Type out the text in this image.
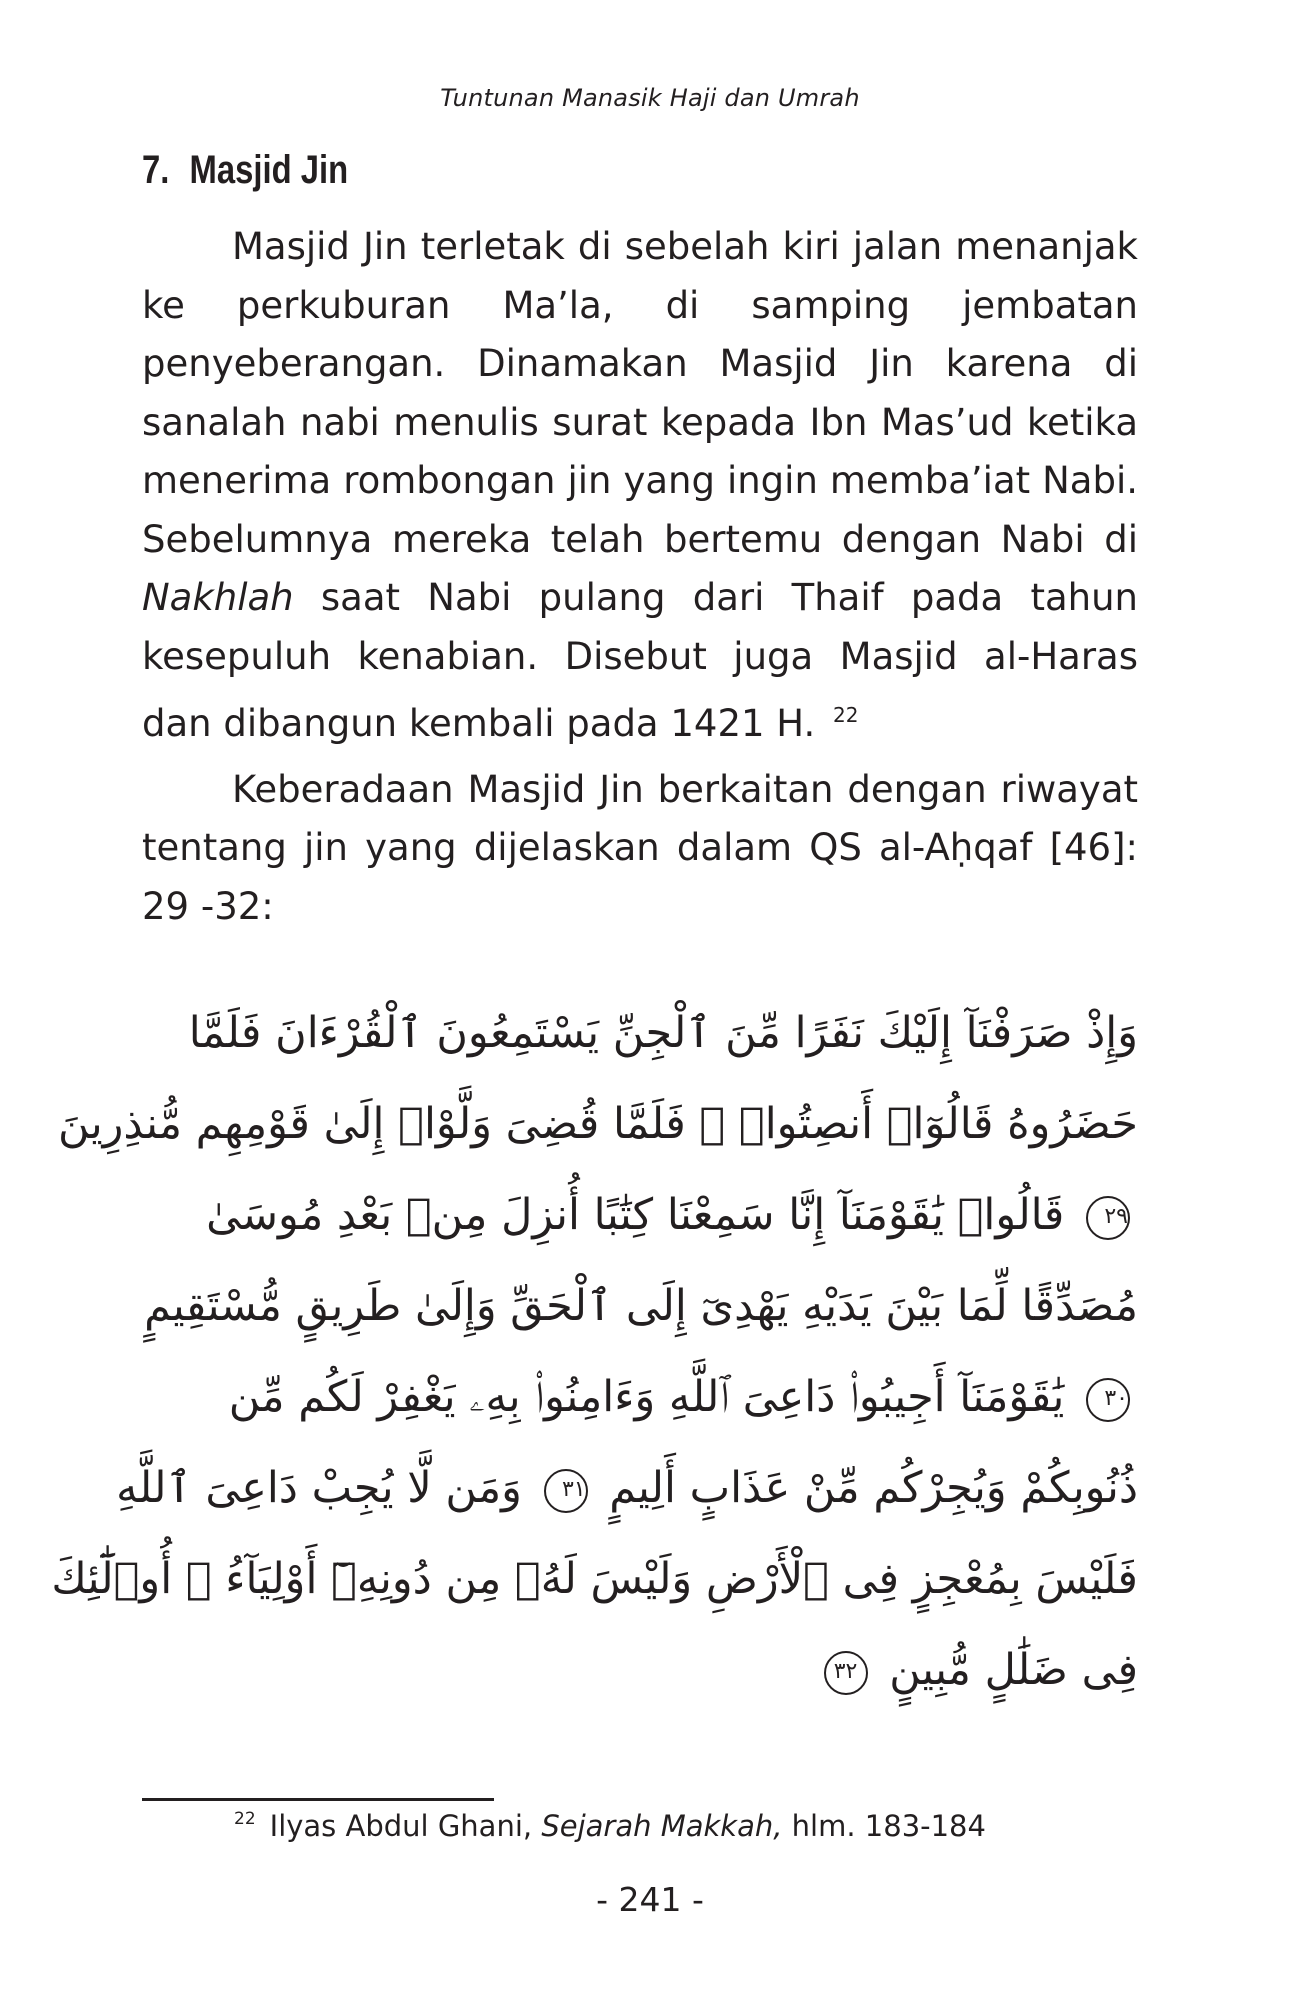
Tuntunan Manasik Haji dan Umrah
7. Masjid Jin

Masjid Jin terletak di sebelah kiri jalan menanjak ke perkuburan Ma’la, di samping jembatan penyeberangan. Dinamakan Masjid Jin karena di sanalah nabi menulis surat kepada Ibn Mas’ud ketika menerima rombongan jin yang ingin memba’iat Nabi. Sebelumnya mereka telah bertemu dengan Nabi di Nakhlah saat Nabi pulang dari Thaif pada tahun kesepuluh kenabian. Disebut juga Masjid al-Haras dan dibangun kembali pada 1421 H. $^{22}$

Keberadaan Masjid Jin berkaitan dengan riwayat tentang jin yang dijelaskan dalam QS al-Aḥqaf [46]: 29 -32:

وَإِذْ صَرَفْنَآ إِلَيْكَ نَفَرًا مِّنَ ٱلْجِنِّ يَسْتَمِعُونَ ٱلْقُرْءَانَ فَلَمَّا
حَضَرُوهُ قَالُوٓا۟ أَنصِتُوا۟ ۖ فَلَمَّا قُضِىَ وَلَّوْا۟ إِلَىٰ قَوْمِهِم مُّنذِرِينَ
٢٩ قَالُوا۟ يَٰقَوْمَنَآ إِنَّا سَمِعْنَا كِتَٰبًا أُنزِلَ مِنۢ بَعْدِ مُوسَىٰ
مُصَدِّقًا لِّمَا بَيْنَ يَدَيْهِ يَهْدِىٓ إِلَى ٱلْحَقِّ وَإِلَىٰ طَرِيقٍ مُّسْتَقِيمٍ
٣٠ يَٰقَوْمَنَآ أَجِيبُوا۟ دَاعِىَ ٱللَّهِ وَءَامِنُوا۟ بِهِۦ يَغْفِرْ لَكُم مِّن
ذُنُوبِكُمْ وَيُجِرْكُم مِّنْ عَذَابٍ أَلِيمٍ ٣١ وَمَن لَّا يُجِبْ دَاعِىَ ٱللَّهِ
فَلَيْسَ بِمُعْجِزٍ فِى ٱلْأَرْضِ وَلَيْسَ لَهُۥ مِن دُونِهِۦٓ أَوْلِيَآءُ ۚ أُو۟لَٰٓئِكَ
فِى ضَلَٰلٍ مُّبِينٍ ٣٢
$^{22}$ Ilyas Abdul Ghani, Sejarah Makkah, hlm. 183-184
- 241 -
